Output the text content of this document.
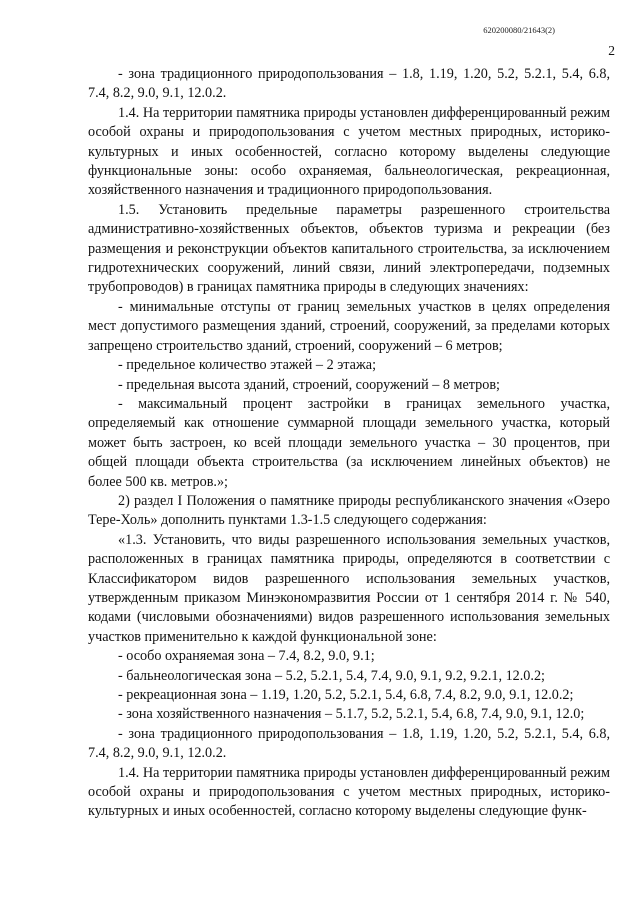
620200080/21643(2)
2

- зона традиционного природопользования – 1.8, 1.19, 1.20, 5.2, 5.2.1, 5.4, 6.8, 7.4, 8.2, 9.0, 9.1, 12.0.2.

1.4. На территории памятника природы установлен дифференцированный режим особой охраны и природопользования с учетом местных природных, историко-культурных и иных особенностей, согласно которому выделены следующие функциональные зоны: особо охраняемая, бальнеологическая, рекреационная, хозяйственного назначения и традиционного природопользования.

1.5. Установить предельные параметры разрешенного строительства административно-хозяйственных объектов, объектов туризма и рекреации (без размещения и реконструкции объектов капитального строительства, за исключением гидротехнических сооружений, линий связи, линий электропередачи, подземных трубопроводов) в границах памятника природы в следующих значениях:

- минимальные отступы от границ земельных участков в целях определения мест допустимого размещения зданий, строений, сооружений, за пределами которых запрещено строительство зданий, строений, сооружений – 6 метров;

- предельное количество этажей – 2 этажа;

- предельная высота зданий, строений, сооружений – 8 метров;

- максимальный процент застройки в границах земельного участка, определяемый как отношение суммарной площади земельного участка, который может быть застроен, ко всей площади земельного участка – 30 процентов, при общей площади объекта строительства (за исключением линейных объектов) не более 500 кв. метров.»;

2) раздел I Положения о памятнике природы республиканского значения «Озеро Тере-Холь» дополнить пунктами 1.3-1.5 следующего содержания:

«1.3. Установить, что виды разрешенного использования земельных участков, расположенных в границах памятника природы, определяются в соответствии с Классификатором видов разрешенного использования земельных участков, утвержденным приказом Минэкономразвития России от 1 сентября 2014 г. № 540, кодами (числовыми обозначениями) видов разрешенного использования земельных участков применительно к каждой функциональной зоне:

- особо охраняемая зона – 7.4, 8.2, 9.0, 9.1;

- бальнеологическая зона – 5.2, 5.2.1, 5.4, 7.4, 9.0, 9.1, 9.2, 9.2.1, 12.0.2;

- рекреационная зона – 1.19, 1.20, 5.2, 5.2.1, 5.4, 6.8, 7.4, 8.2, 9.0, 9.1, 12.0.2;

- зона хозяйственного назначения – 5.1.7, 5.2, 5.2.1, 5.4, 6.8, 7.4, 9.0, 9.1, 12.0;

- зона традиционного природопользования – 1.8, 1.19, 1.20, 5.2, 5.2.1, 5.4, 6.8, 7.4, 8.2, 9.0, 9.1, 12.0.2.

1.4. На территории памятника природы установлен дифференцированный режим особой охраны и природопользования с учетом местных природных, историко-культурных и иных особенностей, согласно которому выделены следующие функ-
